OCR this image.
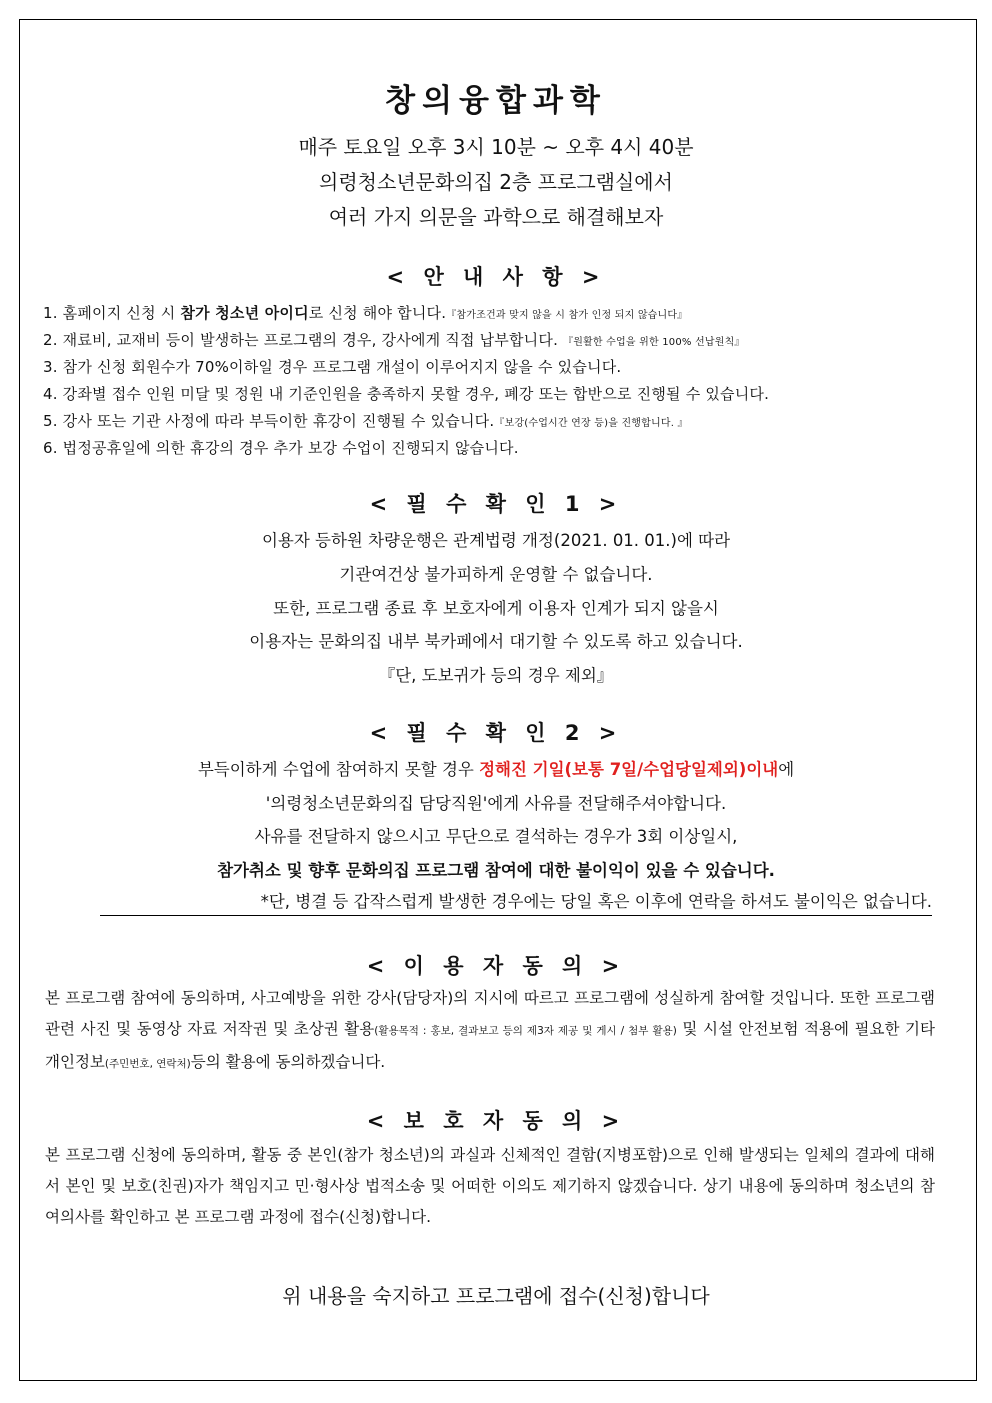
창의융합과학
매주 토요일 오후 3시 10분 ~ 오후 4시 40분
의령청소년문화의집 2층 프로그램실에서
여러 가지 의문을 과학으로 해결해보자
< 안 내 사 항 >
1. 홈페이지 신청 시 참가 청소년 아이디로 신청 해야 합니다.『참가조건과 맞지 않을 시 참가 인정 되지 않습니다』
2. 재료비, 교재비 등이 발생하는 프로그램의 경우, 강사에게 직접 납부합니다. 『원활한 수업을 위한 100% 선납원칙』
3. 참가 신청 회원수가 70%이하일 경우 프로그램 개설이 이루어지지 않을 수 있습니다.
4. 강좌별 접수 인원 미달 및 정원 내 기준인원을 충족하지 못할 경우, 폐강 또는 합반으로 진행될 수 있습니다.
5. 강사 또는 기관 사정에 따라 부득이한 휴강이 진행될 수 있습니다.『보강(수업시간 연장 등)을 진행합니다. 』
6. 법정공휴일에 의한 휴강의 경우 추가 보강 수업이 진행되지 않습니다.
< 필 수 확 인 1 >
이용자 등하원 차량운행은 관계법령 개정(2021. 01. 01.)에 따라
기관여건상 불가피하게 운영할 수 없습니다.
또한, 프로그램 종료 후 보호자에게 이용자 인계가 되지 않을시
이용자는 문화의집 내부 북카페에서 대기할 수 있도록 하고 있습니다.
『단, 도보귀가 등의 경우 제외』
< 필 수 확 인 2 >
부득이하게 수업에 참여하지 못할 경우 정해진 기일(보통 7일/수업당일제외)이내에
'의령청소년문화의집 담당직원'에게 사유를 전달해주셔야합니다.
사유를 전달하지 않으시고 무단으로 결석하는 경우가 3회 이상일시,
참가취소 및 향후 문화의집 프로그램 참여에 대한 불이익이 있을 수 있습니다.
*단, 병결 등 갑작스럽게 발생한 경우에는 당일 혹은 이후에 연락을 하셔도 불이익은 없습니다.
< 이 용 자 동 의 >
본 프로그램 참여에 동의하며, 사고예방을 위한 강사(담당자)의 지시에 따르고 프로그램에 성실하게 참여할 것입니다. 또한 프로그램 관련 사진 및 동영상 자료 저작권 및 초상권 활용(활용목적 : 홍보, 결과보고 등의 제3자 제공 및 게시 / 첨부 활용) 및 시설 안전보험 적용에 필요한 기타 개인정보(주민번호, 연락처)등의 활용에 동의하겠습니다.
< 보 호 자 동 의 >
본 프로그램 신청에 동의하며, 활동 중 본인(참가 청소년)의 과실과 신체적인 결함(지병포함)으로 인해 발생되는 일체의 결과에 대해서 본인 및 보호(친권)자가 책임지고 민·형사상 법적소송 및 어떠한 이의도 제기하지 않겠습니다. 상기 내용에 동의하며 청소년의 참여의사를 확인하고 본 프로그램 과정에 접수(신청)합니다.
위 내용을 숙지하고 프로그램에 접수(신청)합니다
